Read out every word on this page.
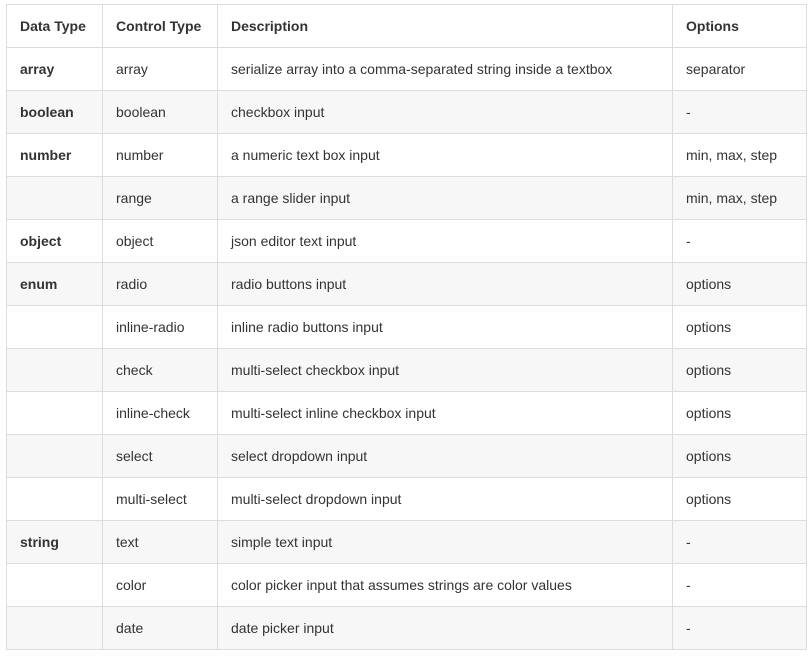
Data Type	Control Type	Description	Options
array	array	serialize array into a comma-separated string inside a textbox	separator
boolean	boolean	checkbox input	-
number	number	a numeric text box input	min, max, step
	range	a range slider input	min, max, step
object	object	json editor text input	-
enum	radio	radio buttons input	options
	inline-radio	inline radio buttons input	options
	check	multi-select checkbox input	options
	inline-check	multi-select inline checkbox input	options
	select	select dropdown input	options
	multi-select	multi-select dropdown input	options
string	text	simple text input	-
	color	color picker input that assumes strings are color values	-
	date	date picker input	-
